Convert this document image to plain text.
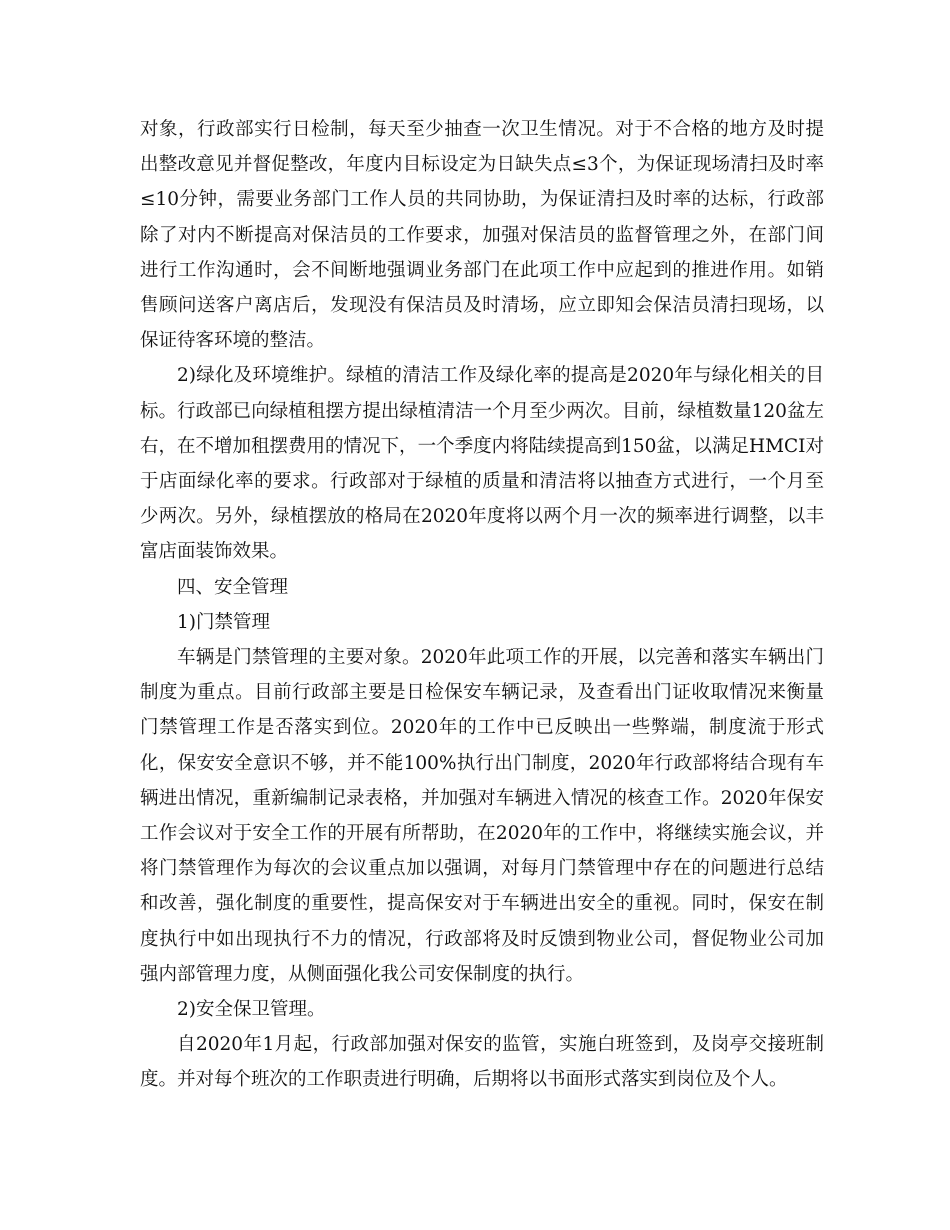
对象，行政部实行日检制，每天至少抽查一次卫生情况。对于不合格的地方及时提出整改意见并督促整改，年度内目标设定为日缺失点≤3个，为保证现场清扫及时率≤10分钟，需要业务部门工作人员的共同协助，为保证清扫及时率的达标，行政部除了对内不断提高对保洁员的工作要求，加强对保洁员的监督管理之外，在部门间进行工作沟通时，会不间断地强调业务部门在此项工作中应起到的推进作用。如销售顾问送客户离店后，发现没有保洁员及时清场，应立即知会保洁员清扫现场，以保证待客环境的整洁。

2)绿化及环境维护。绿植的清洁工作及绿化率的提高是2020年与绿化相关的目标。行政部已向绿植租摆方提出绿植清洁一个月至少两次。目前，绿植数量120盆左右，在不增加租摆费用的情况下，一个季度内将陆续提高到150盆，以满足HMCI对于店面绿化率的要求。行政部对于绿植的质量和清洁将以抽查方式进行，一个月至少两次。另外，绿植摆放的格局在2020年度将以两个月一次的频率进行调整，以丰富店面装饰效果。

四、安全管理

1)门禁管理

车辆是门禁管理的主要对象。2020年此项工作的开展，以完善和落实车辆出门制度为重点。目前行政部主要是日检保安车辆记录，及查看出门证收取情况来衡量门禁管理工作是否落实到位。2020年的工作中已反映出一些弊端，制度流于形式化，保安安全意识不够，并不能100%执行出门制度，2020年行政部将结合现有车辆进出情况，重新编制记录表格，并加强对车辆进入情况的核查工作。2020年保安工作会议对于安全工作的开展有所帮助，在2020年的工作中，将继续实施会议，并将门禁管理作为每次的会议重点加以强调，对每月门禁管理中存在的问题进行总结和改善，强化制度的重要性，提高保安对于车辆进出安全的重视。同时，保安在制度执行中如出现执行不力的情况，行政部将及时反馈到物业公司，督促物业公司加强内部管理力度，从侧面强化我公司安保制度的执行。

2)安全保卫管理。

自2020年1月起，行政部加强对保安的监管，实施白班签到，及岗亭交接班制度。并对每个班次的工作职责进行明确，后期将以书面形式落实到岗位及个人。
